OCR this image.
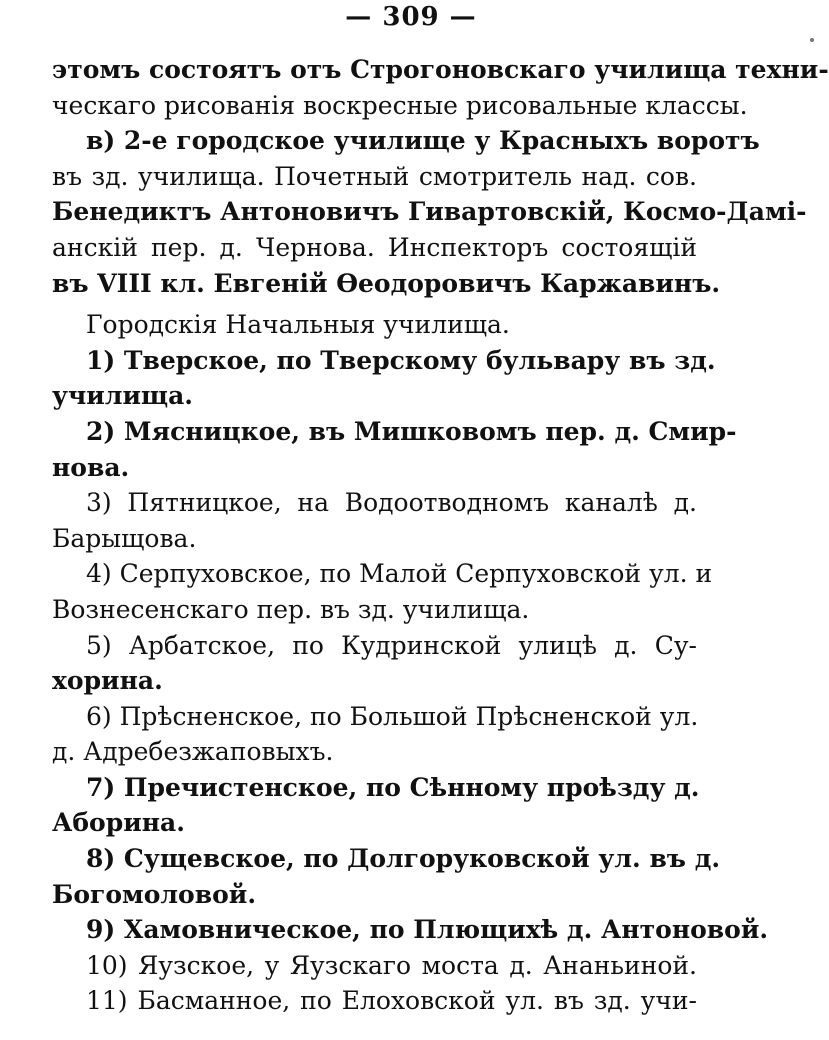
— 309 —
этомъ состоятъ отъ Строгоновскаго училища техни-
ческаго рисованія воскресные рисовальные классы.
в) 2-е городское училище у Красныхъ воротъ
въ зд. училища. Почетный смотритель над. сов.
Бенедиктъ Антоновичъ Гивартовскій, Космо-Дамі-
анскій пер. д. Чернова. Инспекторъ состоящій
въ VIII кл. Евгеній Өеодоровичъ Каржавинъ.
Городскія Начальныя училища.
1) Тверское, по Тверскому бульвару въ зд.
училища.
2) Мясницкое, въ Мишковомъ пер. д. Смир-
нова.
3) Пятницкое, на Водоотводномъ каналѣ д.
Барыщова.
4) Серпуховское, по Малой Серпуховской ул. и
Вознесенскаго пер. въ зд. училища.
5) Арбатское, по Кудринской улицѣ д. Су-
хорина.
6) Прѣсненское, по Большой Прѣсненской ул.
д. Адребезжаповыхъ.
7) Пречистенское, по Сѣнному проѣзду д.
Аборина.
8) Сущевское, по Долгоруковской ул. въ д.
Богомоловой.
9) Хамовническое, по Плющихѣ д. Антоновой.
10) Яузское, у Яузскаго моста д. Ананьиной.
11) Басманное, по Елоховской ул. въ зд. учи-
